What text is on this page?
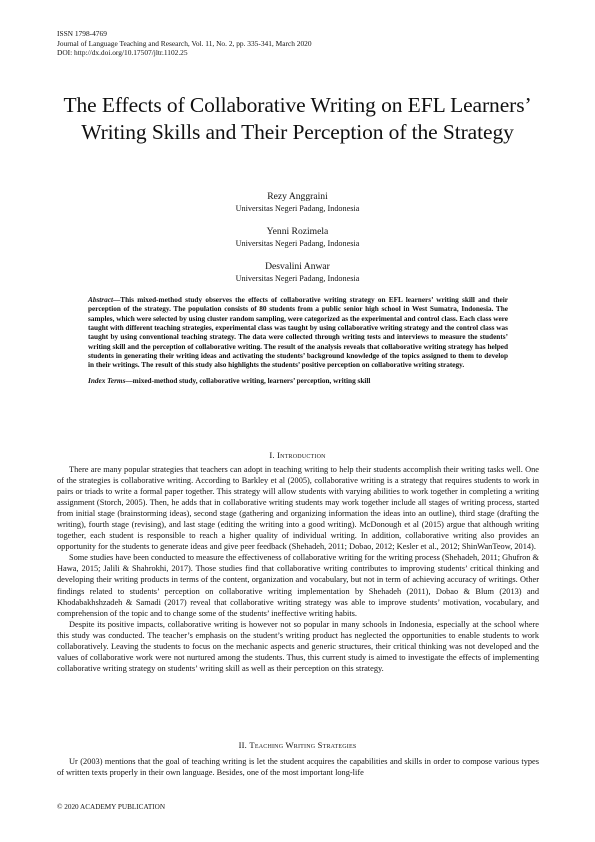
ISSN 1798-4769
Journal of Language Teaching and Research, Vol. 11, No. 2, pp. 335-341, March 2020
DOI: http://dx.doi.org/10.17507/jltr.1102.25
The Effects of Collaborative Writing on EFL Learners’ Writing Skills and Their Perception of the Strategy
Rezy Anggraini
Universitas Negeri Padang, Indonesia
Yenni Rozimela
Universitas Negeri Padang, Indonesia
Desvalini Anwar
Universitas Negeri Padang, Indonesia

Abstract—This mixed-method study observes the effects of collaborative writing strategy on EFL learners’ writing skill and their perception of the strategy. The population consists of 80 students from a public senior high school in West Sumatra, Indonesia. The samples, which were selected by using cluster random sampling, were categorized as the experimental and control class. Each class were taught with different teaching strategies, experimental class was taught by using collaborative writing strategy and the control class was taught by using conventional teaching strategy. The data were collected through writing tests and interviews to measure the students’ writing skill and the perception of collaborative writing. The result of the analysis reveals that collaborative writing strategy has helped students in generating their writing ideas and activating the students’ background knowledge of the topics assigned to them to develop in their writings. The result of this study also highlights the students’ positive perception on collaborative writing strategy.

Index Terms—mixed-method study, collaborative writing, learners’ perception, writing skill

I. Introduction

There are many popular strategies that teachers can adopt in teaching writing to help their students accomplish their writing tasks well. One of the strategies is collaborative writing. According to Barkley et al (2005), collaborative writing is a strategy that requires students to work in pairs or triads to write a formal paper together. This strategy will allow students with varying abilities to work together in completing a writing assignment (Storch, 2005). Then, he adds that in collaborative writing students may work together include all stages of writing process, started from initial stage (brainstorming ideas), second stage (gathering and organizing information the ideas into an outline), third stage (drafting the writing), fourth stage (revising), and last stage (editing the writing into a good writing). McDonough et al (2015) argue that although writing together, each student is responsible to reach a higher quality of individual writing. In addition, collaborative writing also provides an opportunity for the students to generate ideas and give peer feedback (Shehadeh, 2011; Dobao, 2012; Kesler et al., 2012; ShinWanTeow, 2014).

Some studies have been conducted to measure the effectiveness of collaborative writing for the writing process (Shehadeh, 2011; Ghufron & Hawa, 2015; Jalili & Shahrokhi, 2017). Those studies find that collaborative writing contributes to improving students’ critical thinking and developing their writing products in terms of the content, organization and vocabulary, but not in term of achieving accuracy of writings. Other findings related to students’ perception on collaborative writing implementation by Shehadeh (2011), Dobao & Blum (2013) and Khodabakhshzadeh & Samadi (2017) reveal that collaborative writing strategy was able to improve students’ motivation, vocabulary, and comprehension of the topic and to change some of the students’ ineffective writing habits.

Despite its positive impacts, collaborative writing is however not so popular in many schools in Indonesia, especially at the school where this study was conducted. The teacher’s emphasis on the student’s writing product has neglected the opportunities to enable students to work collaboratively. Leaving the students to focus on the mechanic aspects and generic structures, their critical thinking was not developed and the values of collaborative work were not nurtured among the students. Thus, this current study is aimed to investigate the effects of implementing collaborative writing strategy on students’ writing skill as well as their perception on this strategy.

II. Teaching Writing Strategies

Ur (2003) mentions that the goal of teaching writing is let the student acquires the capabilities and skills in order to compose various types of written texts properly in their own language. Besides, one of the most important long-life

© 2020 ACADEMY PUBLICATION
